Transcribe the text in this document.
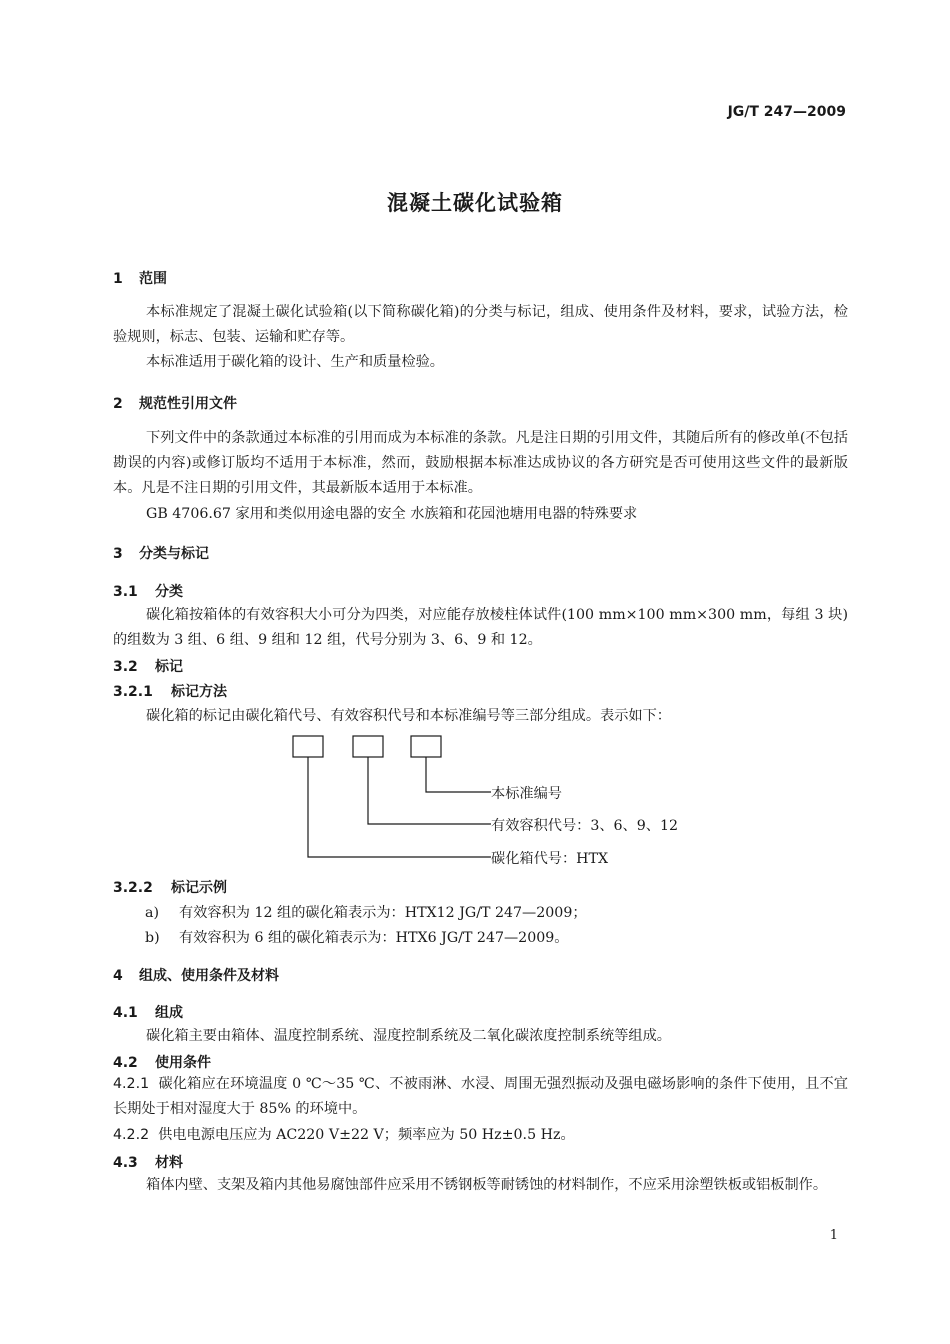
JG/T 247—2009
混凝土碳化试验箱
1 范围
本标准规定了混凝土碳化试验箱(以下简称碳化箱)的分类与标记，组成、使用条件及材料，要求，试验方法，检验规则，标志、包装、运输和贮存等。
本标准适用于碳化箱的设计、生产和质量检验。
2 规范性引用文件
下列文件中的条款通过本标准的引用而成为本标准的条款。凡是注日期的引用文件，其随后所有的修改单(不包括勘误的内容)或修订版均不适用于本标准，然而，鼓励根据本标准达成协议的各方研究是否可使用这些文件的最新版本。凡是不注日期的引用文件，其最新版本适用于本标准。
GB 4706.67 家用和类似用途电器的安全 水族箱和花园池塘用电器的特殊要求
3 分类与标记
3.1 分类
碳化箱按箱体的有效容积大小可分为四类，对应能存放棱柱体试件(100 mm×100 mm×300 mm，每组 3 块)的组数为 3 组、6 组、9 组和 12 组，代号分别为 3、6、9 和 12。
3.2 标记
3.2.1 标记方法
碳化箱的标记由碳化箱代号、有效容积代号和本标准编号等三部分组成。表示如下：
本标准编号
有效容积代号：3、6、9、12
碳化箱代号：HTX
3.2.2 标记示例
a) 有效容积为 12 组的碳化箱表示为：HTX12 JG/T 247—2009；
b) 有效容积为 6 组的碳化箱表示为：HTX6 JG/T 247—2009。
4 组成、使用条件及材料
4.1 组成
碳化箱主要由箱体、温度控制系统、湿度控制系统及二氧化碳浓度控制系统等组成。
4.2 使用条件
4.2.1 碳化箱应在环境温度 0 ℃～35 ℃、不被雨淋、水浸、周围无强烈振动及强电磁场影响的条件下使用，且不宜长期处于相对湿度大于 85% 的环境中。
4.2.2 供电电源电压应为 AC220 V±22 V；频率应为 50 Hz±0.5 Hz。
4.3 材料
箱体内壁、支架及箱内其他易腐蚀部件应采用不锈钢板等耐锈蚀的材料制作，不应采用涂塑铁板或铝板制作。
1
